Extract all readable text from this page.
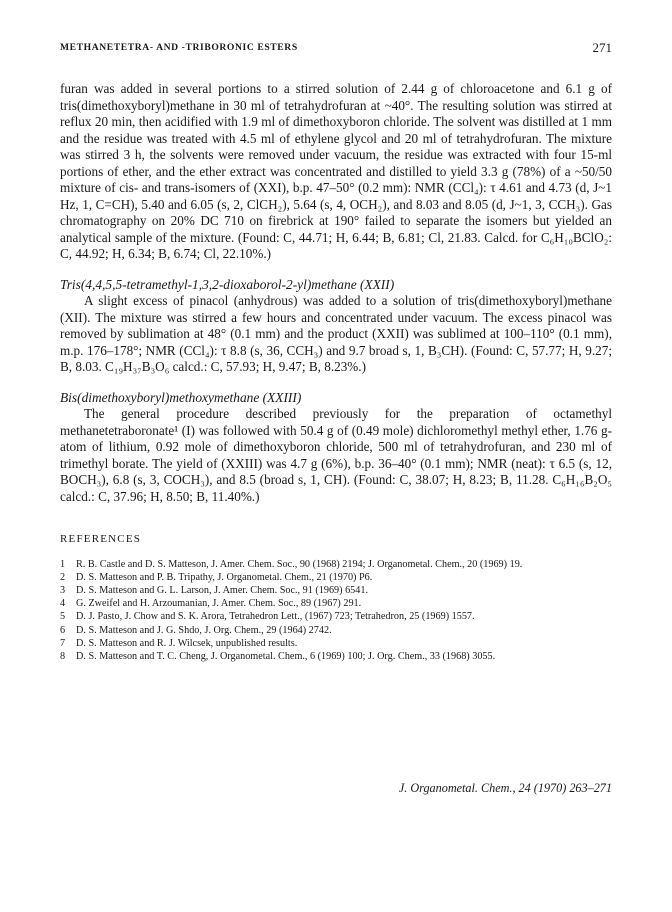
METHANETETRA- AND -TRIBORONIC ESTERS	271

furan was added in several portions to a stirred solution of 2.44 g of chloroacetone and 6.1 g of tris(dimethoxyboryl)methane in 30 ml of tetrahydrofuran at ~40°. The resulting solution was stirred at reflux 20 min, then acidified with 1.9 ml of dimethoxyboron chloride. The solvent was distilled at 1 mm and the residue was treated with 4.5 ml of ethylene glycol and 20 ml of tetrahydrofuran. The mixture was stirred 3 h, the solvents were removed under vacuum, the residue was extracted with four 15-ml portions of ether, and the ether extract was concentrated and distilled to yield 3.3 g (78%) of a ~50/50 mixture of cis- and trans-isomers of (XXI), b.p. 47–50° (0.2 mm): NMR (CCl₄): τ 4.61 and 4.73 (d, J~1 Hz, 1, C=CH), 5.40 and 6.05 (s, 2, ClCH₂), 5.64 (s, 4, OCH₂), and 8.03 and 8.05 (d, J~1, 3, CCH₃). Gas chromatography on 20% DC 710 on firebrick at 190° failed to separate the isomers but yielded an analytical sample of the mixture. (Found: C, 44.71; H, 6.44; B, 6.81; Cl, 21.83. Calcd. for C₆H₁₀BClO₂: C, 44.92; H, 6.34; B, 6.74; Cl, 22.10%.)

Tris(4,4,5,5-tetramethyl-1,3,2-dioxaborol-2-yl)methane (XXII)

A slight excess of pinacol (anhydrous) was added to a solution of tris(dimethoxyboryl)methane (XII). The mixture was stirred a few hours and concentrated under vacuum. The excess pinacol was removed by sublimation at 48° (0.1 mm) and the product (XXII) was sublimed at 100–110° (0.1 mm), m.p. 176–178°; NMR (CCl₄): τ 8.8 (s, 36, CCH₃) and 9.7 broad s, 1, B₃CH). (Found: C, 57.77; H, 9.27; B, 8.03. C₁₉H₃₇B₃O₆ calcd.: C, 57.93; H, 9.47; B, 8.23%.)

Bis(dimethoxyboryl)methoxymethane (XXIII)

The general procedure described previously for the preparation of octamethyl methanetetraboronate¹ (I) was followed with 50.4 g of (0.49 mole) dichloromethyl methyl ether, 1.76 g-atom of lithium, 0.92 mole of dimethoxyboron chloride, 500 ml of tetrahydrofuran, and 230 ml of trimethyl borate. The yield of (XXIII) was 4.7 g (6%), b.p. 36–40° (0.1 mm); NMR (neat): τ 6.5 (s, 12, BOCH₃), 6.8 (s, 3, COCH₃), and 8.5 (broad s, 1, CH). (Found: C, 38.07; H, 8.23; B, 11.28. C₆H₁₆B₂O₅ calcd.: C, 37.96; H, 8.50; B, 11.40%.)

REFERENCES

1 R. B. Castle and D. S. Matteson, J. Amer. Chem. Soc., 90 (1968) 2194; J. Organometal. Chem., 20 (1969) 19.
2 D. S. Matteson and P. B. Tripathy, J. Organometal. Chem., 21 (1970) P6.
3 D. S. Matteson and G. L. Larson, J. Amer. Chem. Soc., 91 (1969) 6541.
4 G. Zweifel and H. Arzoumanian, J. Amer. Chem. Soc., 89 (1967) 291.
5 D. J. Pasto, J. Chow and S. K. Arora, Tetrahedron Lett., (1967) 723; Tetrahedron, 25 (1969) 1557.
6 D. S. Matteson and J. G. Shdo, J. Org. Chem., 29 (1964) 2742.
7 D. S. Matteson and R. J. Wilcsek, unpublished results.
8 D. S. Matteson and T. C. Cheng, J. Organometal. Chem., 6 (1969) 100; J. Org. Chem., 33 (1968) 3055.
J. Organometal. Chem., 24 (1970) 263–271
